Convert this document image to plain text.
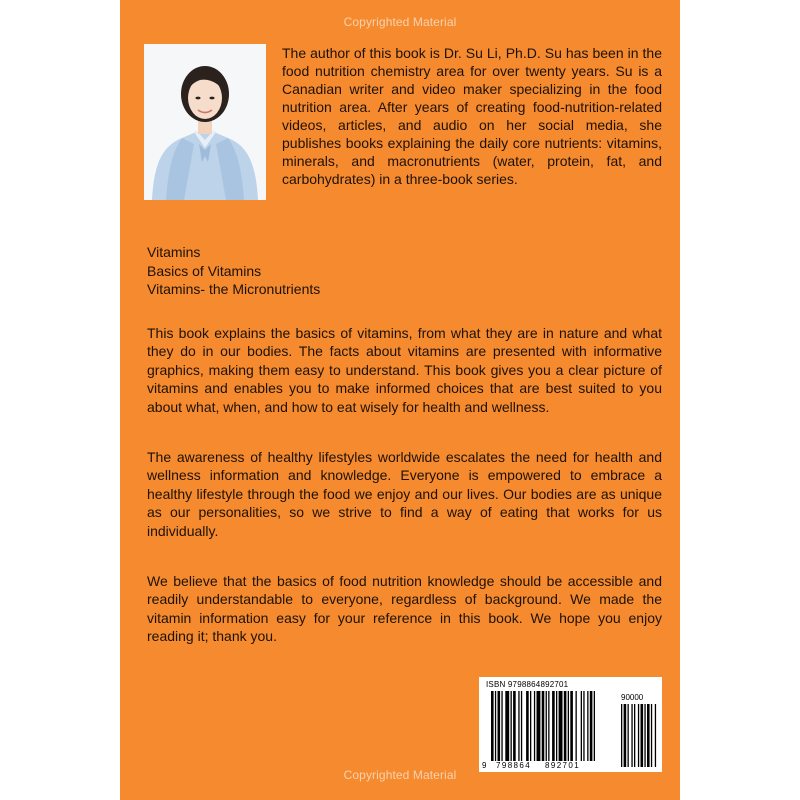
Copyrighted Material

The author of this book is Dr. Su Li, Ph.D. Su has been in the food nutrition chemistry area for over twenty years. Su is a Canadian writer and video maker specializing in the food nutrition area. After years of creating food-nutrition-related videos, articles, and audio on her social media, she publishes books explaining the daily core nutrients: vitamins, minerals, and macronutrients (water, protein, fat, and carbohydrates) in a three-book series.

Vitamins
Basics of Vitamins
Vitamins- the Micronutrients

This book explains the basics of vitamins, from what they are in nature and what they do in our bodies. The facts about vitamins are presented with informative graphics, making them easy to understand. This book gives you a clear picture of vitamins and enables you to make informed choices that are best suited to you about what, when, and how to eat wisely for health and wellness.

The awareness of healthy lifestyles worldwide escalates the need for health and wellness information and knowledge. Everyone is empowered to embrace a healthy lifestyle through the food we enjoy and our lives. Our bodies are as unique as our personalities, so we strive to find a way of eating that works for us individually.

We believe that the basics of food nutrition knowledge should be accessible and readily understandable to everyone, regardless of background. We made the vitamin information easy for your reference in this book. We hope you enjoy reading it; thank you.

ISBN 9798864892701
90000
9 798864 892701
Copyrighted Material
